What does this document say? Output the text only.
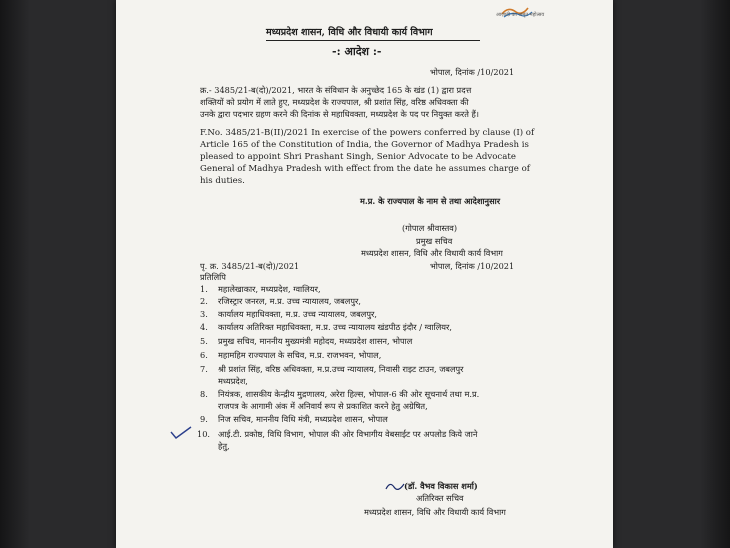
आज़ादी का अमृत महोत्सव
मध्यप्रदेश शासन, विधि और विधायी कार्य विभाग
-: आदेश :-
भोपाल, दिनांक /10/2021
क्र.- 3485/21-ब(दो)/2021, भारत के संविधान के अनुच्छेद 165 के खंड (1) द्वारा प्रदत्त
शक्तियों को प्रयोग में लाते हुए, मध्यप्रदेश के राज्यपाल, श्री प्रशांत सिंह, वरिष्ठ अधिवक्ता की
उनके द्वारा पदभार ग्रहण करने की दिनांक से महाधिवक्ता, मध्यप्रदेश के पद पर नियुक्त करते हैं।
F.No. 3485/21-B(II)/2021 In exercise of the powers conferred by clause (I) of
Article 165 of the Constitution of India, the Governor of Madhya Pradesh is
pleased to appoint Shri Prashant Singh, Senior Advocate to be Advocate
General of Madhya Pradesh with effect from the date he assumes charge of
his duties.
म.प्र. के राज्यपाल के नाम से तथा आदेशानुसार
(गोपाल श्रीवास्तव)
प्रमुख सचिव
मध्यप्रदेश शासन, विधि और विधायी कार्य विभाग
भोपाल, दिनांक /10/2021
पृ. क्र. 3485/21-ब(दो)/2021
प्रतिलिपि
1. महालेखाकार, मध्यप्रदेश, ग्वालियर,
2. रजिस्ट्रार जनरल, म.प्र. उच्च न्यायालय, जबलपुर,
3. कार्यालय महाधिवक्ता, म.प्र. उच्च न्यायालय, जबलपुर,
4. कार्यालय अतिरिक्त महाधिवक्ता, म.प्र. उच्च न्यायालय खंडपीठ इंदौर / ग्वालियर,
5. प्रमुख सचिव, माननीय मुख्यमंत्री महोदय, मध्यप्रदेश शासन, भोपाल
6. महामहिम राज्यपाल के सचिव, म.प्र. राजभवन, भोपाल,
7. श्री प्रशांत सिंह, वरिष्ठ अधिवक्ता, म.प्र.उच्च न्यायालय, निवासी राइट टाउन, जबलपुर
मध्यप्रदेश,
8. नियंत्रक, शासकीय केन्द्रीय मुद्रणालय, अरेरा हिल्स, भोपाल-6 की ओर सूचनार्थ तथा म.प्र.
राजपत्र के आगामी अंक में अनिवार्य रूप से प्रकाशित करने हेतु अग्रेषित,
9. निज सचिव, माननीय विधि मंत्री, मध्यप्रदेश शासन, भोपाल
10. आई.टी. प्रकोष्ठ, विधि विभाग, भोपाल की ओर विभागीय वेबसाईट पर अपलोड किये जाने
हेतु,
(डॉ. वैभव विकास शर्मा)
अतिरिक्त सचिव
मध्यप्रदेश शासन, विधि और विधायी कार्य विभाग
